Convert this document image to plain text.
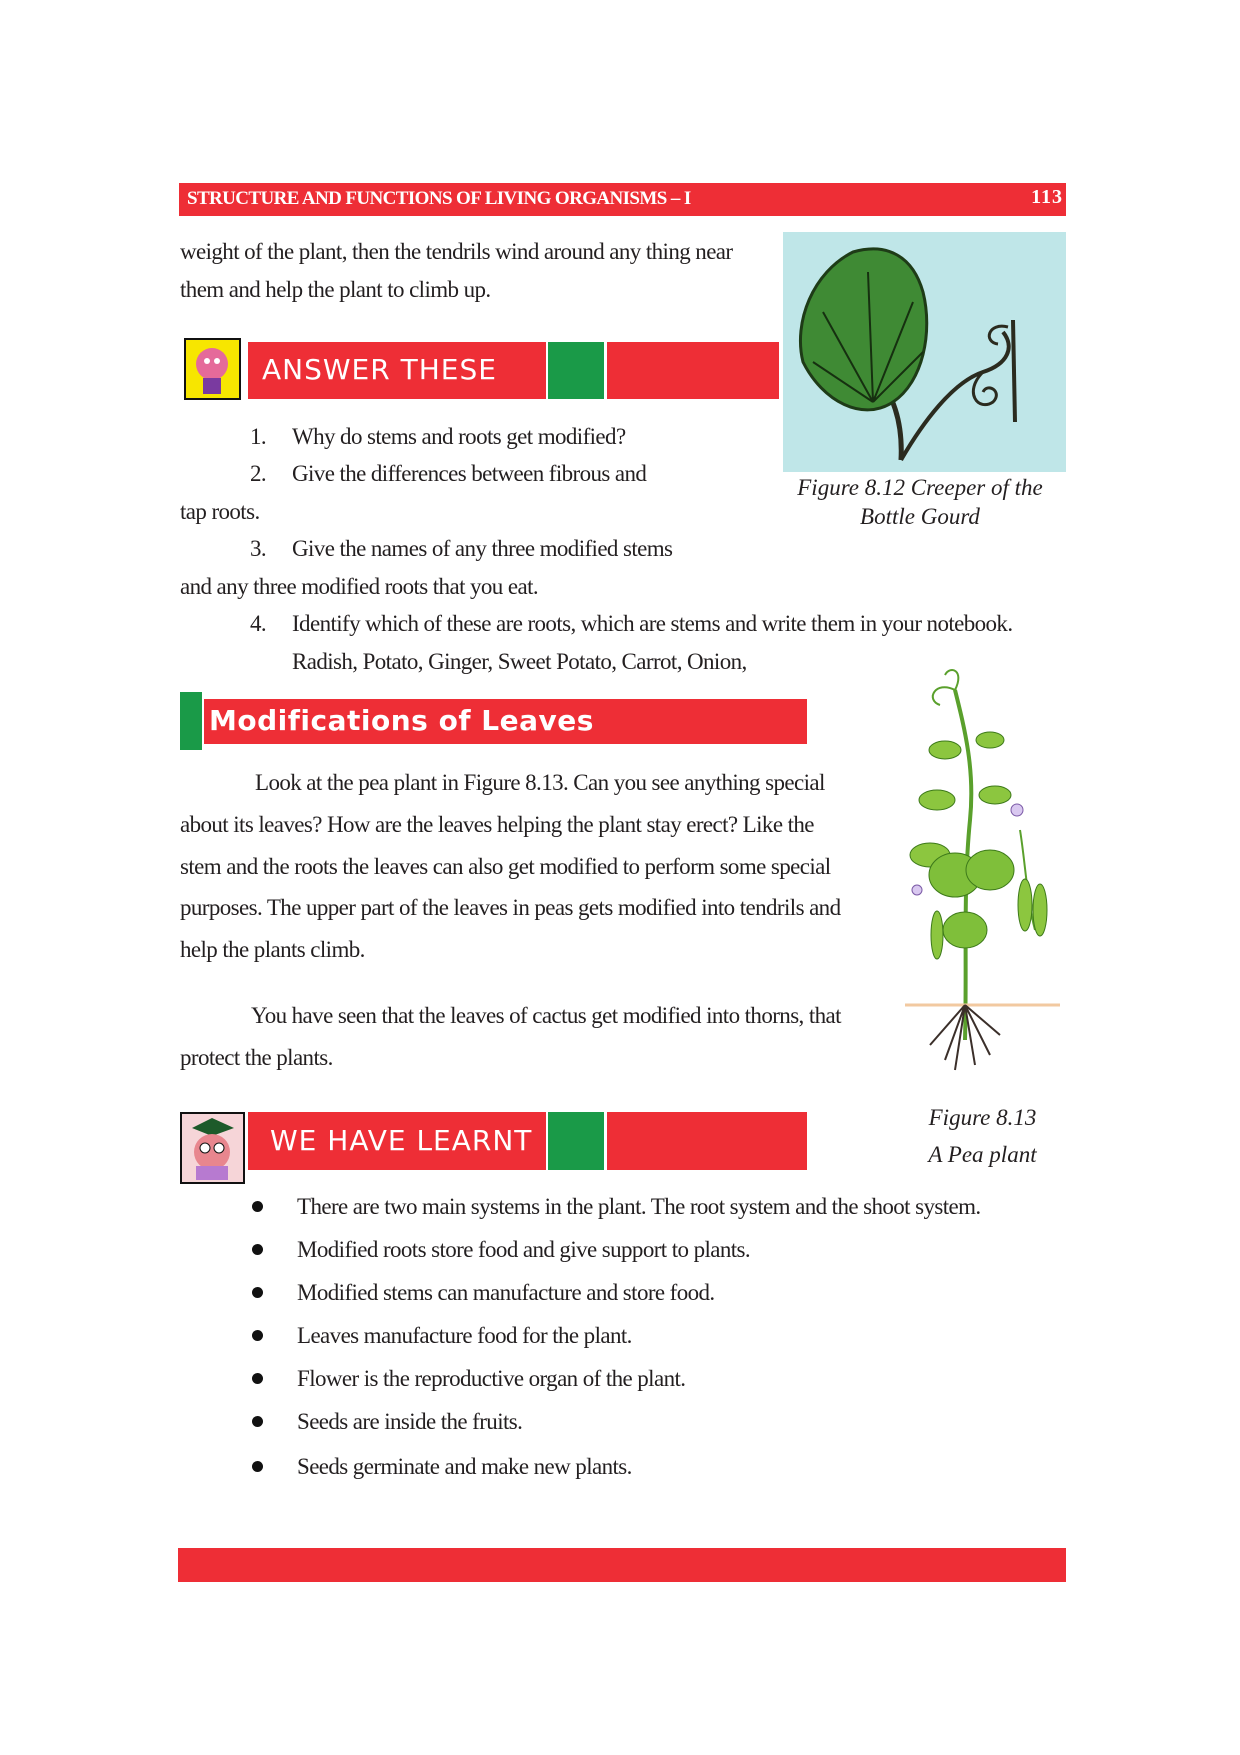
STRUCTURE AND FUNCTIONS OF LIVING ORGANISMS – I	113
weight of the plant, then the tendrils wind around any thing near
them and help the plant to climb up.
Figure 8.12 Creeper of the
Bottle Gourd
ANSWER THESE
1. Why do stems and roots get modified?
2. Give the differences between fibrous and
tap roots.
3. Give the names of any three modified stems
and any three modified roots that you eat.
4. Identify which of these are roots, which are stems and write them in your notebook.
Radish, Potato, Ginger, Sweet Potato, Carrot, Onion,
Modifications of Leaves
Look at the pea plant in Figure 8.13. Can you see anything special
about its leaves? How are the leaves helping the plant stay erect? Like the
stem and the roots the leaves can also get modified to perform some special
purposes. The upper part of the leaves in peas gets modified into tendrils and
help the plants climb.
You have seen that the leaves of cactus get modified into thorns, that
protect the plants.
Figure 8.13
A Pea plant
WE HAVE LEARNT
There are two main systems in the plant. The root system and the shoot system.
Modified roots store food and give support to plants.
Modified stems can manufacture and store food.
Leaves manufacture food for the plant.
Flower is the reproductive organ of the plant.
Seeds are inside the fruits.
Seeds germinate and make new plants.
